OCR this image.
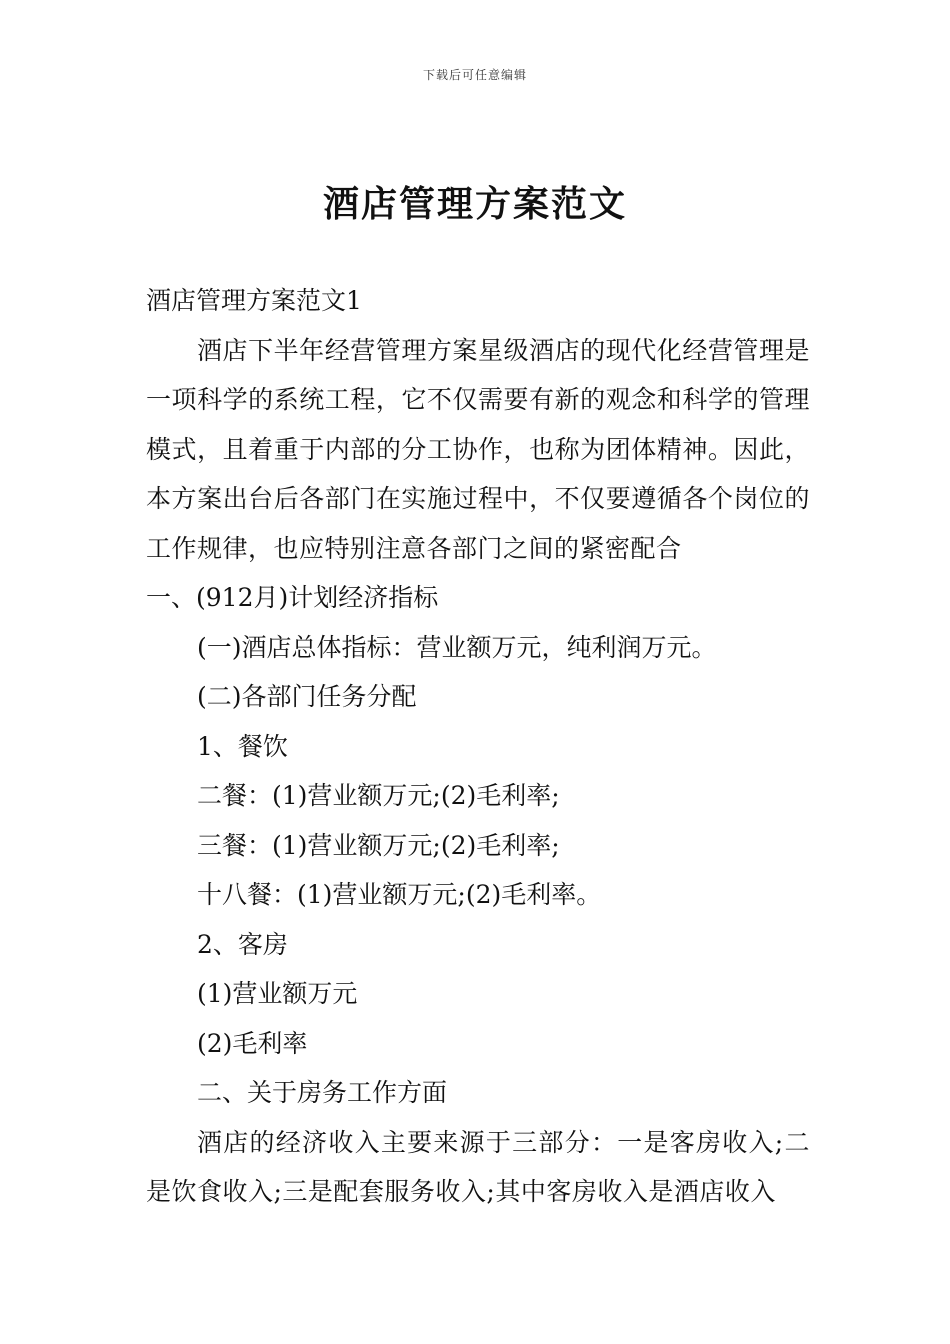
下载后可任意编辑
酒店管理方案范文

酒店管理方案范文1

酒店下半年经营管理方案星级酒店的现代化经营管理是一项科学的系统工程，它不仅需要有新的观念和科学的管理模式，且着重于内部的分工协作，也称为团体精神。因此，本方案出台后各部门在实施过程中，不仅要遵循各个岗位的工作规律，也应特别注意各部门之间的紧密配合

一、(912月)计划经济指标

(一)酒店总体指标：营业额万元，纯利润万元。

(二)各部门任务分配

1、餐饮

二餐：(1)营业额万元;(2)毛利率;

三餐：(1)营业额万元;(2)毛利率;

十八餐：(1)营业额万元;(2)毛利率。

2、客房

(1)营业额万元

(2)毛利率

二、关于房务工作方面

酒店的经济收入主要来源于三部分：一是客房收入;二是饮食收入;三是配套服务收入;其中客房收入是酒店收入
